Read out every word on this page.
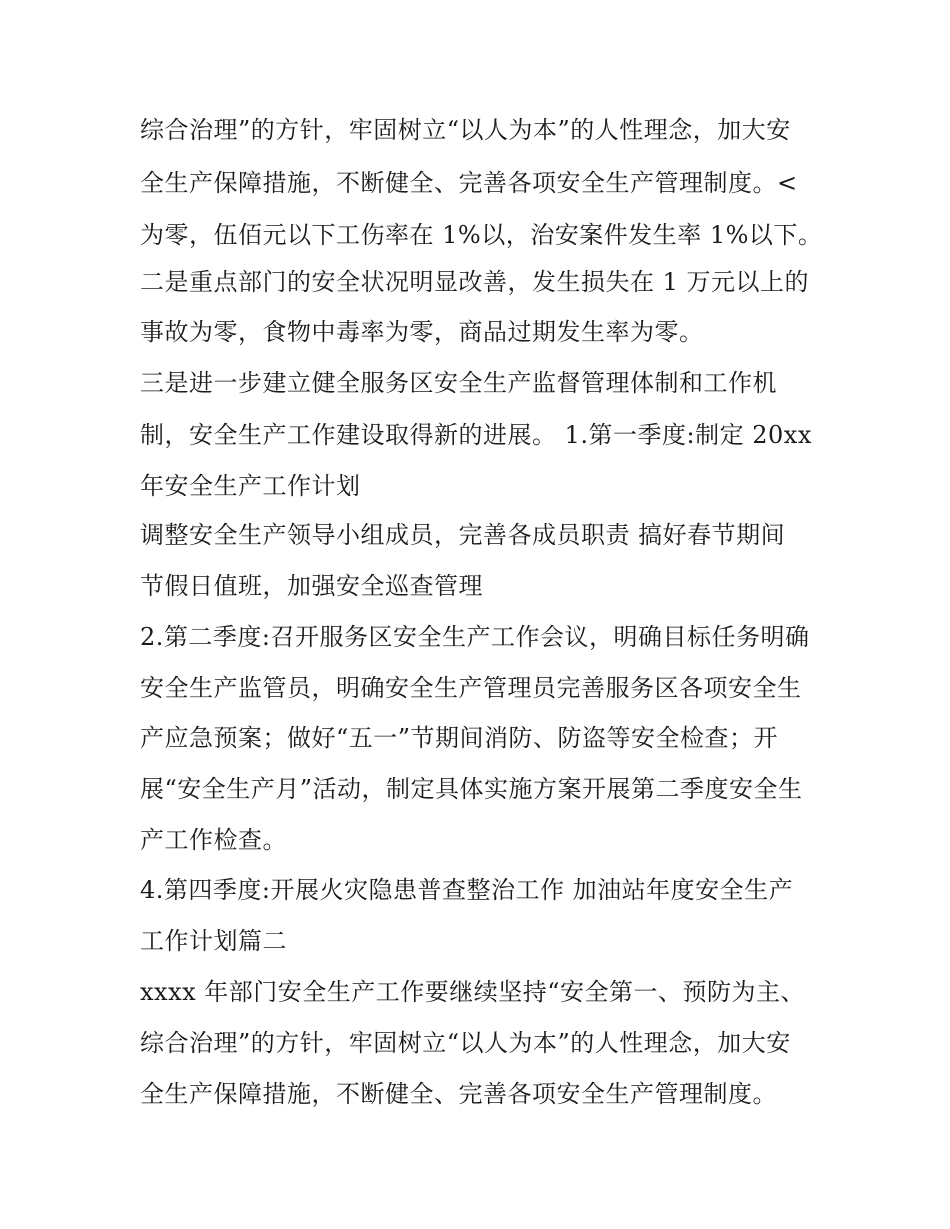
综合治理”的方针，牢固树立“以人为本”的人性理念，加大安
全生产保障措施，不断健全、完善各项安全生产管理制度。<
为零，伍佰元以下工伤率在 1%以，治安案件发生率 1%以下。
二是重点部门的安全状况明显改善，发生损失在 1 万元以上的
事故为零，食物中毒率为零，商品过期发生率为零。
三是进一步建立健全服务区安全生产监督管理体制和工作机
制，安全生产工作建设取得新的进展。 1.第一季度:制定 20xx
年安全生产工作计划
调整安全生产领导小组成员，完善各成员职责 搞好春节期间
节假日值班，加强安全巡查管理
2.第二季度:召开服务区安全生产工作会议，明确目标任务明确
安全生产监管员，明确安全生产管理员完善服务区各项安全生
产应急预案；做好“五一”节期间消防、防盗等安全检查；开
展“安全生产月”活动，制定具体实施方案开展第二季度安全生
产工作检查。
4.第四季度:开展火灾隐患普查整治工作 加油站年度安全生产
工作计划篇二
xxxx 年部门安全生产工作要继续坚持“安全第一、预防为主、
综合治理”的方针，牢固树立“以人为本”的人性理念，加大安
全生产保障措施，不断健全、完善各项安全生产管理制度。
